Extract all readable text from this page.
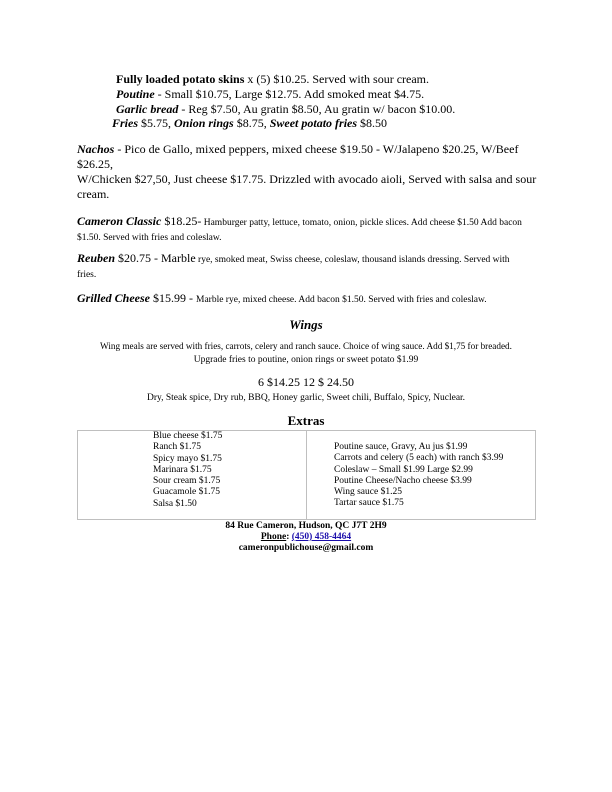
Fully loaded potato skins x (5) $10.25. Served with sour cream.
Poutine - Small $10.75, Large $12.75. Add smoked meat $4.75.
Garlic bread - Reg $7.50, Au gratin $8.50, Au gratin w/ bacon $10.00.
Fries $5.75, Onion rings $8.75, Sweet potato fries $8.50
Nachos - Pico de Gallo, mixed peppers, mixed cheese $19.50 - W/Jalapeno $20.25, W/Beef
$26.25,
W/Chicken $27,50, Just cheese $17.75. Drizzled with avocado aioli, Served with salsa and sour
cream.
Cameron Classic $18.25- Hamburger patty, lettuce, tomato, onion, pickle slices. Add cheese $1.50 Add bacon
$1.50. Served with fries and coleslaw.
Reuben $20.75 - Marble rye, smoked meat, Swiss cheese, coleslaw, thousand islands dressing. Served with
fries.
Grilled Cheese $15.99 - Marble rye, mixed cheese. Add bacon $1.50. Served with fries and coleslaw.
Wings
Wing meals are served with fries, carrots, celery and ranch sauce. Choice of wing sauce. Add $1,75 for breaded.
Upgrade fries to poutine, onion rings or sweet potato $1.99
6 $14.25 12 $ 24.50
Dry, Steak spice, Dry rub, BBQ, Honey garlic, Sweet chili, Buffalo, Spicy, Nuclear.
Extras
Blue cheese $1.75
Ranch $1.75
Spicy mayo $1.75
Marinara $1.75
Sour cream $1.75
Guacamole $1.75
Salsa $1.50
Poutine sauce, Gravy, Au jus $1.99
Carrots and celery (5 each) with ranch $3.99
Coleslaw – Small $1.99 Large $2.99
Poutine Cheese/Nacho cheese $3.99
Wing sauce $1.25
Tartar sauce $1.75
84 Rue Cameron, Hudson, QC J7T 2H9
Phone: (450) 458-4464
cameronpublichouse@gmail.com
